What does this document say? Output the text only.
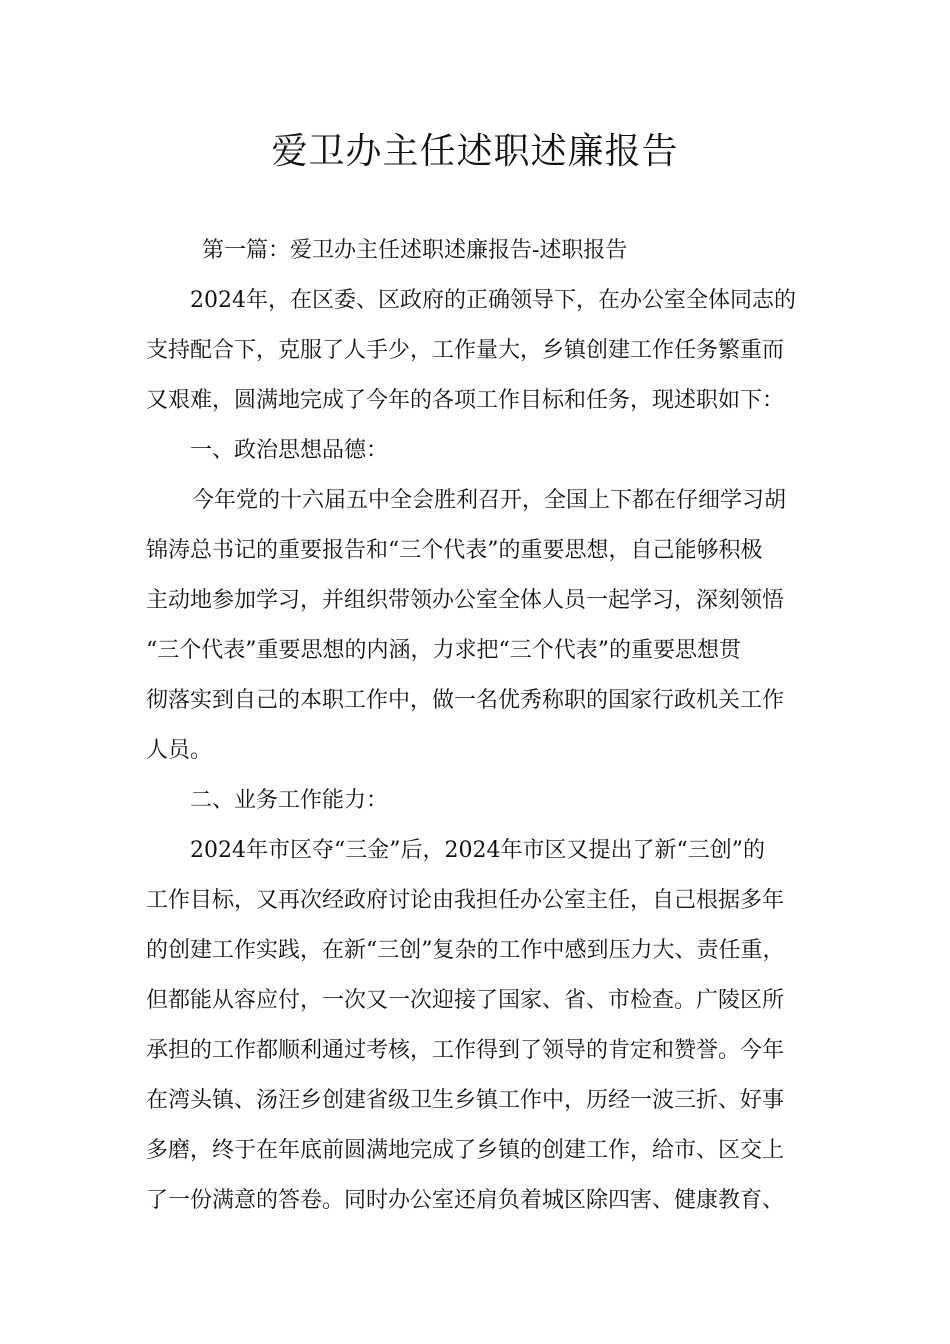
爱卫办主任述职述廉报告
第一篇：爱卫办主任述职述廉报告-述职报告
2024年，在区委、区政府的正确领导下，在办公室全体同志的
支持配合下，克服了人手少，工作量大，乡镇创建工作任务繁重而
又艰难，圆满地完成了今年的各项工作目标和任务，现述职如下：
一、政治思想品德：
今年党的十六届五中全会胜利召开，全国上下都在仔细学习胡
锦涛总书记的重要报告和“三个代表”的重要思想，自己能够积极
主动地参加学习，并组织带领办公室全体人员一起学习，深刻领悟
“三个代表”重要思想的内涵，力求把“三个代表”的重要思想贯
彻落实到自己的本职工作中，做一名优秀称职的国家行政机关工作
人员。
二、业务工作能力：
2024年市区夺“三金”后，2024年市区又提出了新“三创”的
工作目标，又再次经政府讨论由我担任办公室主任，自己根据多年
的创建工作实践，在新“三创”复杂的工作中感到压力大、责任重，
但都能从容应付，一次又一次迎接了国家、省、市检查。广陵区所
承担的工作都顺利通过考核，工作得到了领导的肯定和赞誉。今年
在湾头镇、汤汪乡创建省级卫生乡镇工作中，历经一波三折、好事
多磨，终于在年底前圆满地完成了乡镇的创建工作，给市、区交上
了一份满意的答卷。同时办公室还肩负着城区除四害、健康教育、
